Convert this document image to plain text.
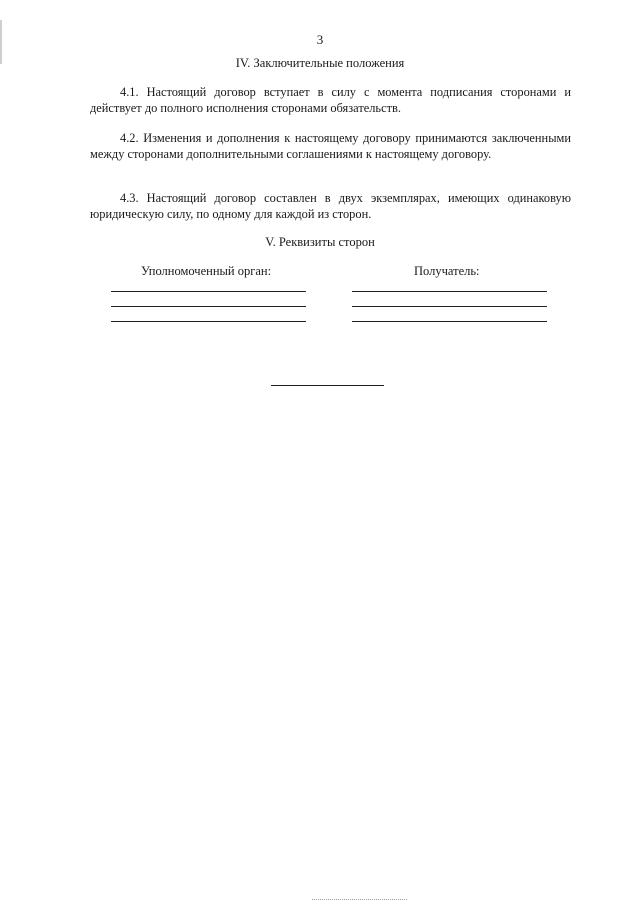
3
IV. Заключительные положения
4.1. Настоящий договор вступает в силу с момента подписания сторонами и действует до полного исполнения сторонами обязательств.
4.2. Изменения и дополнения к настоящему договору принимаются заключенными между сторонами дополнительными соглашениями к настоящему договору.
4.3. Настоящий договор составлен в двух экземплярах, имеющих одинаковую юридическую силу, по одному для каждой из сторон.
V. Реквизиты сторон
Уполномоченный орган:	Получатель:
